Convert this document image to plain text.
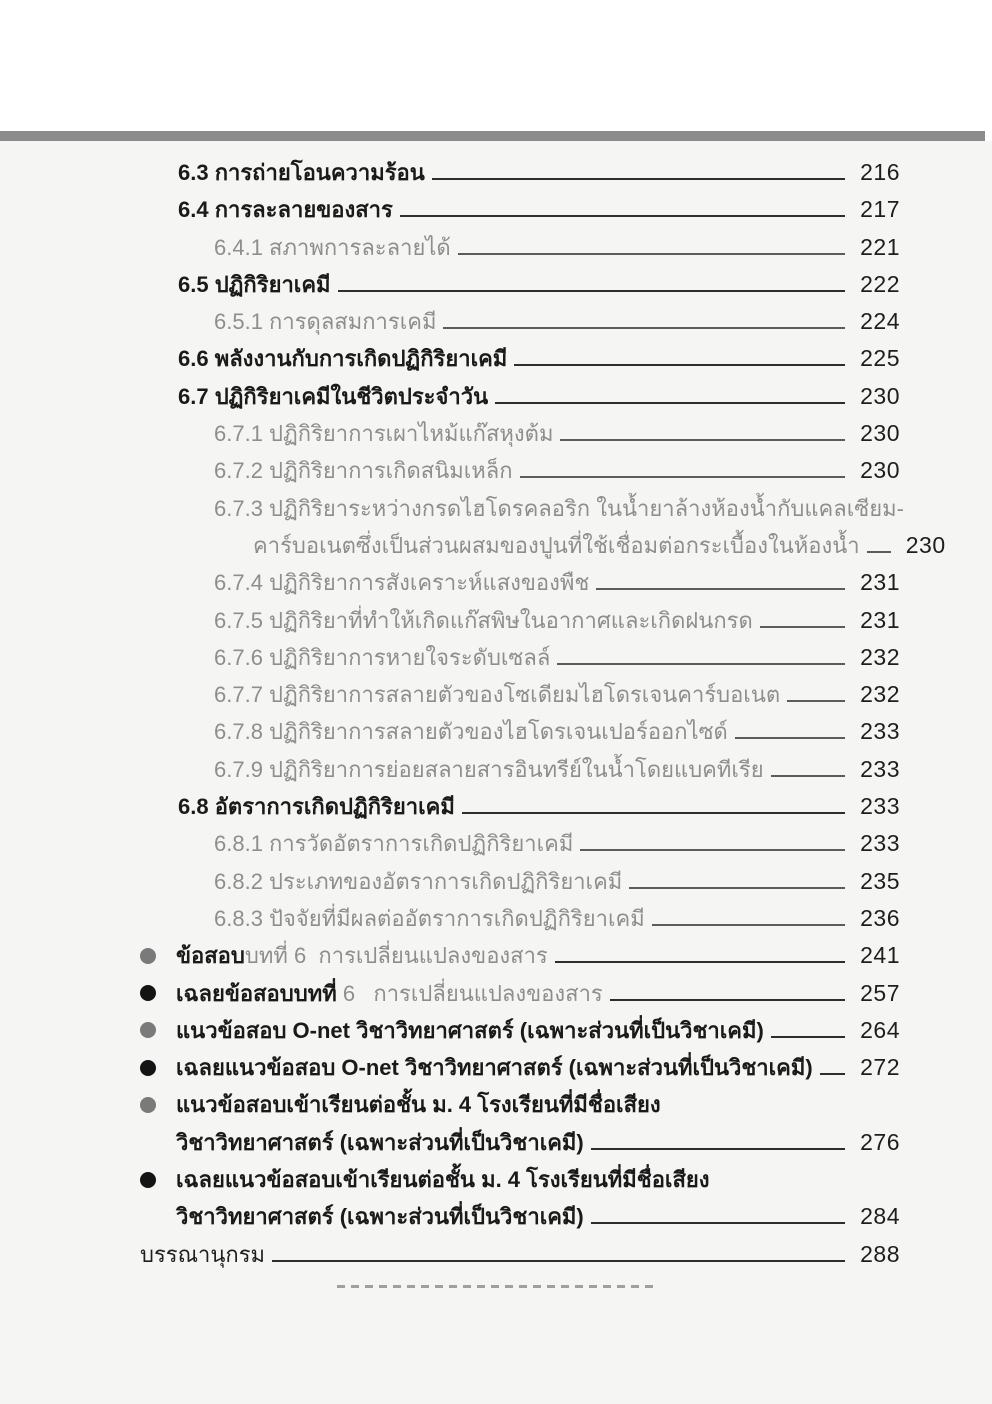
6.3 การถ่ายโอนความร้อน	216
6.4 การละลายของสาร	217
6.4.1 สภาพการละลายได้	221
6.5 ปฏิกิริยาเคมี	222
6.5.1 การดุลสมการเคมี	224
6.6 พลังงานกับการเกิดปฏิกิริยาเคมี	225
6.7 ปฏิกิริยาเคมีในชีวิตประจำวัน	230
6.7.1 ปฏิกิริยาการเผาไหม้แก๊สหุงต้ม	230
6.7.2 ปฏิกิริยาการเกิดสนิมเหล็ก	230
6.7.3 ปฏิกิริยาระหว่างกรดไฮโดรคลอริก ในน้ำยาล้างห้องน้ำกับแคลเซียม-
คาร์บอเนตซึ่งเป็นส่วนผสมของปูนที่ใช้เชื่อมต่อกระเบื้องในห้องน้ำ 230
6.7.4 ปฏิกิริยาการสังเคราะห์แสงของพืช	231
6.7.5 ปฏิกิริยาที่ทำให้เกิดแก๊สพิษในอากาศและเกิดฝนกรด	231
6.7.6 ปฏิกิริยาการหายใจระดับเซลล์	232
6.7.7 ปฏิกิริยาการสลายตัวของโซเดียมไฮโดรเจนคาร์บอเนต	232
6.7.8 ปฏิกิริยาการสลายตัวของไฮโดรเจนเปอร์ออกไซด์	233
6.7.9 ปฏิกิริยาการย่อยสลายสารอินทรีย์ในน้ำโดยแบคทีเรีย	233
6.8 อัตราการเกิดปฏิกิริยาเคมี	233
6.8.1 การวัดอัตราการเกิดปฏิกิริยาเคมี	233
6.8.2 ประเภทของอัตราการเกิดปฏิกิริยาเคมี	235
6.8.3 ปัจจัยที่มีผลต่ออัตราการเกิดปฏิกิริยาเคมี	236
ข้อสอบ บทที่ 6  การเปลี่ยนแปลงของสาร	241
เฉลยข้อสอบบทที่ 6   การเปลี่ยนแปลงของสาร	257
แนวข้อสอบ O-net วิชาวิทยาศาสตร์ (เฉพาะส่วนที่เป็นวิชาเคมี)	264
เฉลยแนวข้อสอบ O-net วิชาวิทยาศาสตร์ (เฉพาะส่วนที่เป็นวิชาเคมี) 272
แนวข้อสอบเข้าเรียนต่อชั้น ม. 4 โรงเรียนที่มีชื่อเสียง
วิชาวิทยาศาสตร์ (เฉพาะส่วนที่เป็นวิชาเคมี)	276
เฉลยแนวข้อสอบเข้าเรียนต่อชั้น ม. 4 โรงเรียนที่มีชื่อเสียง
วิชาวิทยาศาสตร์ (เฉพาะส่วนที่เป็นวิชาเคมี)	284
บรรณานุกรม	288
